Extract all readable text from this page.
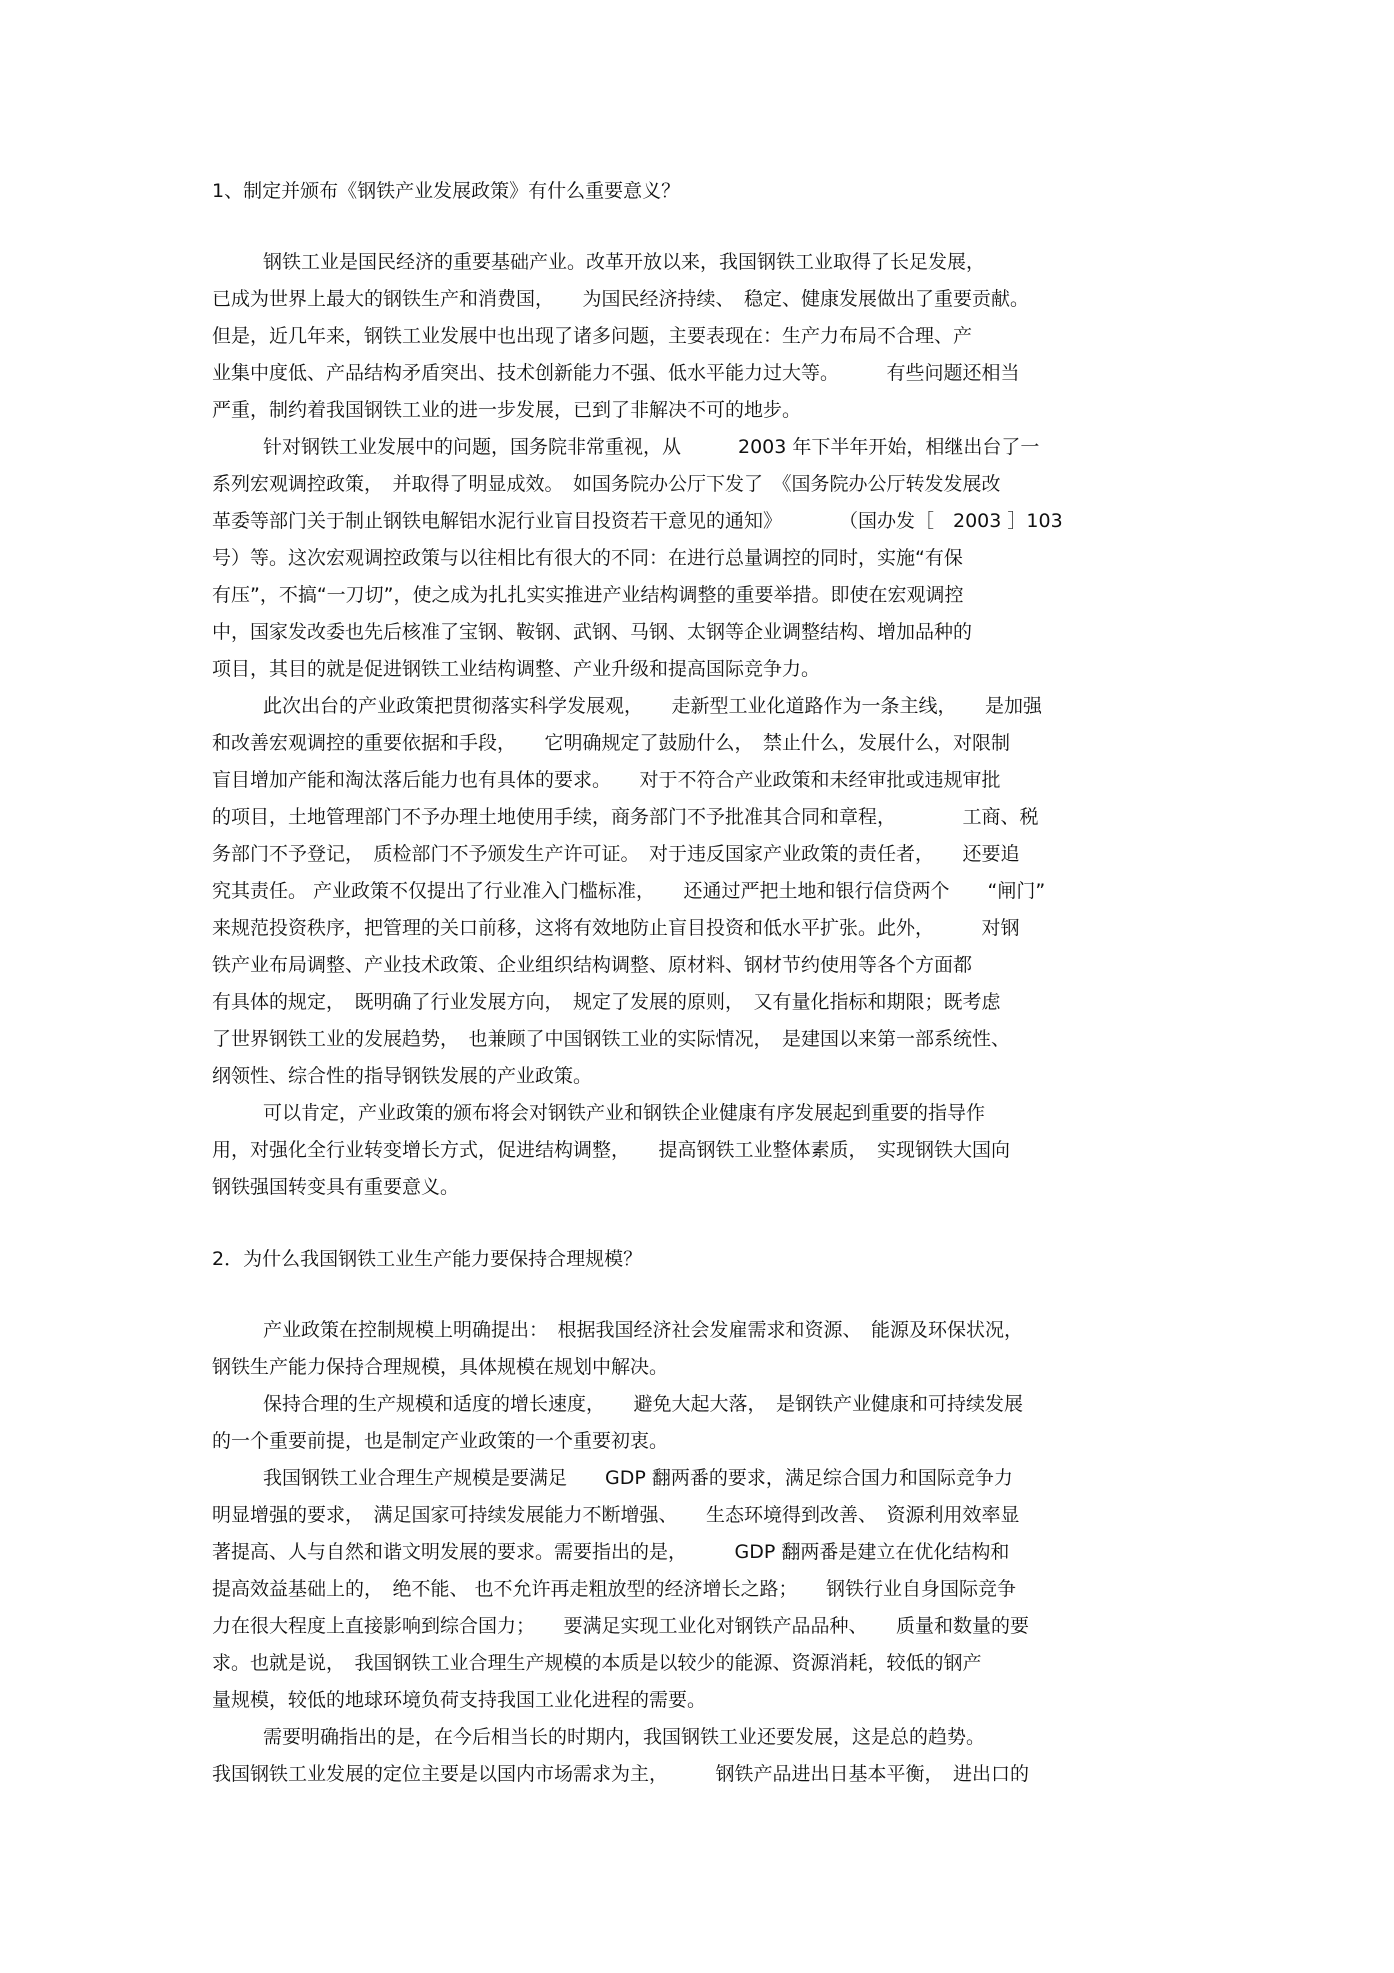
1、制定并颁布《钢铁产业发展政策》有什么重要意义？
钢铁工业是国民经济的重要基础产业。改革开放以来，我国钢铁工业取得了长足发展，
已成为世界上最大的钢铁生产和消费国，　　为国民经济持续、　稳定、健康发展做出了重要贡献。
但是，近几年来，钢铁工业发展中也出现了诸多问题，主要表现在：生产力布局不合理、产
业集中度低、产品结构矛盾突出、技术创新能力不强、低水平能力过大等。　　　有些问题还相当
严重，制约着我国钢铁工业的进一步发展，已到了非解决不可的地步。
针对钢铁工业发展中的问题，国务院非常重视，从　　　2003 年下半年开始，相继出台了一
系列宏观调控政策，　并取得了明显成效。　如国务院办公厅下发了　《国务院办公厅转发发展改
革委等部门关于制止钢铁电解铝水泥行业盲目投资若干意见的通知》　　　　（国办发［　2003 ］103
号）等。这次宏观调控政策与以往相比有很大的不同：在进行总量调控的同时，实施“有保
有压”，不搞“一刀切”，使之成为扎扎实实推进产业结构调整的重要举措。即使在宏观调控
中，国家发改委也先后核准了宝钢、鞍钢、武钢、马钢、太钢等企业调整结构、增加品种的
项目，其目的就是促进钢铁工业结构调整、产业升级和提高国际竞争力。
此次出台的产业政策把贯彻落实科学发展观，　　走新型工业化道路作为一条主线，　　是加强
和改善宏观调控的重要依据和手段，　　它明确规定了鼓励什么，　禁止什么，发展什么，对限制
盲目增加产能和淘汰落后能力也有具体的要求。　　对于不符合产业政策和未经审批或违规审批
的项目，土地管理部门不予办理土地使用手续，商务部门不予批准其合同和章程，　　　　工商、税
务部门不予登记，　质检部门不予颁发生产许可证。　对于违反国家产业政策的责任者，　　还要追
究其责任。 产业政策不仅提出了行业准入门槛标准，　　还通过严把土地和银行信贷两个　　“闸门”
来规范投资秩序，把管理的关口前移，这将有效地防止盲目投资和低水平扩张。此外，　　　对钢
铁产业布局调整、产业技术政策、企业组织结构调整、原材料、钢材节约使用等各个方面都
有具体的规定，　既明确了行业发展方向，　规定了发展的原则，　又有量化指标和期限；既考虑
了世界钢铁工业的发展趋势，　也兼顾了中国钢铁工业的实际情况，　是建国以来第一部系统性、
纲领性、综合性的指导钢铁发展的产业政策。
可以肯定，产业政策的颁布将会对钢铁产业和钢铁企业健康有序发展起到重要的指导作
用，对强化全行业转变增长方式，促进结构调整，　　提高钢铁工业整体素质，　实现钢铁大国向
钢铁强国转变具有重要意义。
2．为什么我国钢铁工业生产能力要保持合理规模？
产业政策在控制规模上明确提出：　根据我国经济社会发雇需求和资源、　能源及环保状况，
钢铁生产能力保持合理规模，具体规模在规划中解决。
保持合理的生产规模和适度的增长速度，　　避免大起大落，　是钢铁产业健康和可持续发展
的一个重要前提，也是制定产业政策的一个重要初衷。
我国钢铁工业合理生产规模是要满足　　GDP 翻两番的要求，满足综合国力和国际竞争力
明显增强的要求，　满足国家可持续发展能力不断增强、　　生态环境得到改善、　资源利用效率显
著提高、人与自然和谐文明发展的要求。需要指出的是，　　　GDP 翻两番是建立在优化结构和
提高效益基础上的，　绝不能、 也不允许再走粗放型的经济增长之路；　　钢铁行业自身国际竞争
力在很大程度上直接影响到综合国力；　　要满足实现工业化对钢铁产品品种、　　质量和数量的要
求。也就是说，　我国钢铁工业合理生产规模的本质是以较少的能源、资源消耗，较低的钢产
量规模，较低的地球环境负荷支持我国工业化进程的需要。
需要明确指出的是，在今后相当长的时期内，我国钢铁工业还要发展，这是总的趋势。
我国钢铁工业发展的定位主要是以国内市场需求为主，　　　钢铁产品进出日基本平衡，　进出口的
